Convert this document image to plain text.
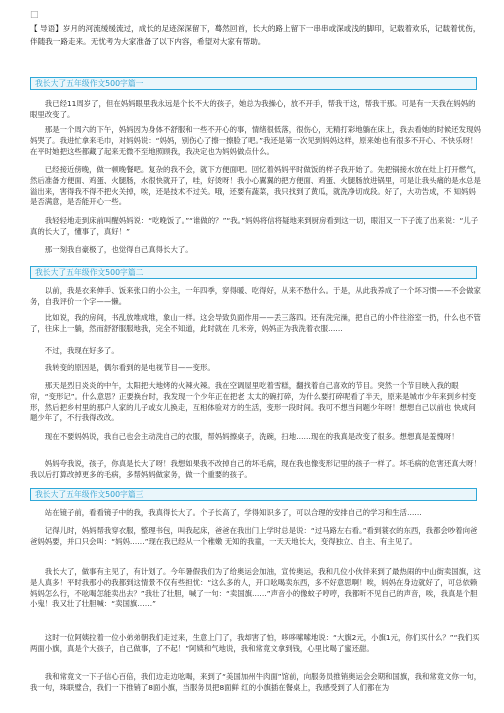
□
【 导语】岁月的河流缓缓流过，成长的足迹深深留下，蓦然回首，长大的路上留下一串串或深或浅的脚印，记载着欢乐，记载着忧伤，伴随我一路走来。无忧考为大家准备了以下内容，希望对大家有帮助。
我长大了五年级作文500字篇一
我已经11周岁了，但在妈妈眼里我永远是个长不大的孩子，她总为我操心，放不开手，帮我干这，帮我干那。可是有一天我在妈妈的眼里改变了。
那是一个周六的下午，妈妈因为身体不舒服和一些不开心的事，情绪很低落，很伤心，无精打彩地躺在床上，我去看她的时候还发现妈妈哭了。我进忙拿来毛巾，对妈妈说：“妈妈，别伤心了擦一擦脸了吧。”我还是第一次见到妈妈这样，原来她也有很多不开心、不快乐呀！在平时她把这些都藏了起来无微不至地照顾我，我决定也为妈妈做点什么。
已经接近傍晚，做一顿晚餐吧。复杂的我不会，就下方便面吧。回忆着妈妈平时做饭的样子我开始了。先把锅接水放在灶上打开燃气，然后准备方便面、鸡蛋、火腿肠，水很快就开了，哇，好烫呀！我小心翼翼的把方便面、鸡蛋、火腿肠放进锅里，可是让我头痛的是水总是溢出来，害得我不得不把火关掉，唉，还是技术不过关。哦，还要有蔬菜，我只找到了黄瓜，就洗净切成段。好了，大功告成，不 知妈妈是否满意，是否能开心一些。
我轻轻地走到床前叫醒妈妈说：“吃晚饭了。”“谁做的？”“我。”妈妈将信将疑地来到厨房看到这一切，眼泪又一下子流了出来说：“儿子真的长大了，懂事了，真好！”
那一刻我自豪极了，也觉得自己真得长大了。
我长大了五年级作文500字篇二
以前，我是衣来伸手、饭来张口的小公主，一年四季，穿得暖、吃得好，从来不愁什么。于是，从此我养成了一个坏习惯——不会做家务，自我评价一个字——懒。
比如说，我的房间，书乱放堆成堆，象山一样。这会导致负面作用——丢三落四。还有洗完澡，把自己的小件往浴室一扔，什么也不管了，往床上一躺，然而舒舒服服地我，完全不知道，此时就在 几米旁，妈妈正为我洗着衣服……
不过，我现在好多了。
我转变的原因是，偶尔看到的是电视节目——变形。
那天是烈日炎炎的中午，太阳把大地烤的火辣火辣。我在空调屋里吃着雪糕，翻找着自己喜欢的节目。突然一个节目映入我的眼帘，“变形记”。什么意思？正要换台时，我发现一个少年正在把老 太太的碗打碎，为什么要打碎呢看了半天，原来是城市少年来到乡村变形，然后把乡村里的那户人家的儿子或女儿换走，互相体验对方的生活，变形一段时间。我可不想当问题少年呀！想想自己以前也 快成问题少年了，不行我得改改。
现在不要妈妈说，我自己也会主动洗自己的衣服，帮妈妈擦桌子，洗碗，扫地……现在的我真是改变了很多。想想真是羞愧呀！
妈妈夸我说，孩子，你真是长大了呀！我想如果我不改掉自己的坏毛病，现在我也像变形记里的孩子一样了。坏毛病的危害还真大呀！我以后打算改掉更多的毛病，多帮妈妈做家务，做一个重要的孩子。
我长大了五年级作文500字篇三
站在镜子前，看看镜子中的我，我真得长大了。个子长高了，学得知识多了，可以合理的安排自己的学习和生活……
记得儿时，妈妈帮我穿衣服，整理书包，叫我起床，爸爸在我出门上学时总是说：“过马路左右看。”看到蓑衣的东西，我都会吵着向爸爸妈妈要，并口只会叫：“妈妈……”现在我已经从一个稚嫩 无知的我童，一天天地长大，变得独立、自主、有主见了。
我长大了，做事有主见了，有计划了。今年暑假我们为了给奥运会加油，宣传奥运，我和几位小伙伴来到了最热闹的中山街卖国旗，这是人真多！平时我那小的我都到这情景不仅有些担忧：“这么多的人，开口吆喝卖东西，多不好意思啊！唉，妈妈在身边就好了，可总依赖妈妈怎么行，不吆喝怎能卖出去？”我壮了壮胆，喊了一句：“卖国旗……”声音小的像蚊子哼哼，我都听不见自己的声音，唉，我真是个胆小鬼！我又壮了壮胆喊：“卖国旗……”
这时一位阿姨拉着一位小弟弟朝我们走过来，生意上门了，我却害了怕，哆哆嗦嗦地说：“大旗2元，小旗1元，你们买什么？”“我们买两面小旗，真是个大孩子，自己做事，了不起！”阿姨和气地说，我和常竟文拿到钱，心里比喝了蜜还甜。
我和常竟文一下子信心百倍，我们边走边吆喝，来到了“美国加州牛肉面”馆前，向服务员推销奥运会会期和国旗，我和常竟文你一句，我一句，珠联璧合，我们一下推销了8面小旗，当服务员把8面鲜 红的小旗插在餐桌上，我感受到了人们都在为
